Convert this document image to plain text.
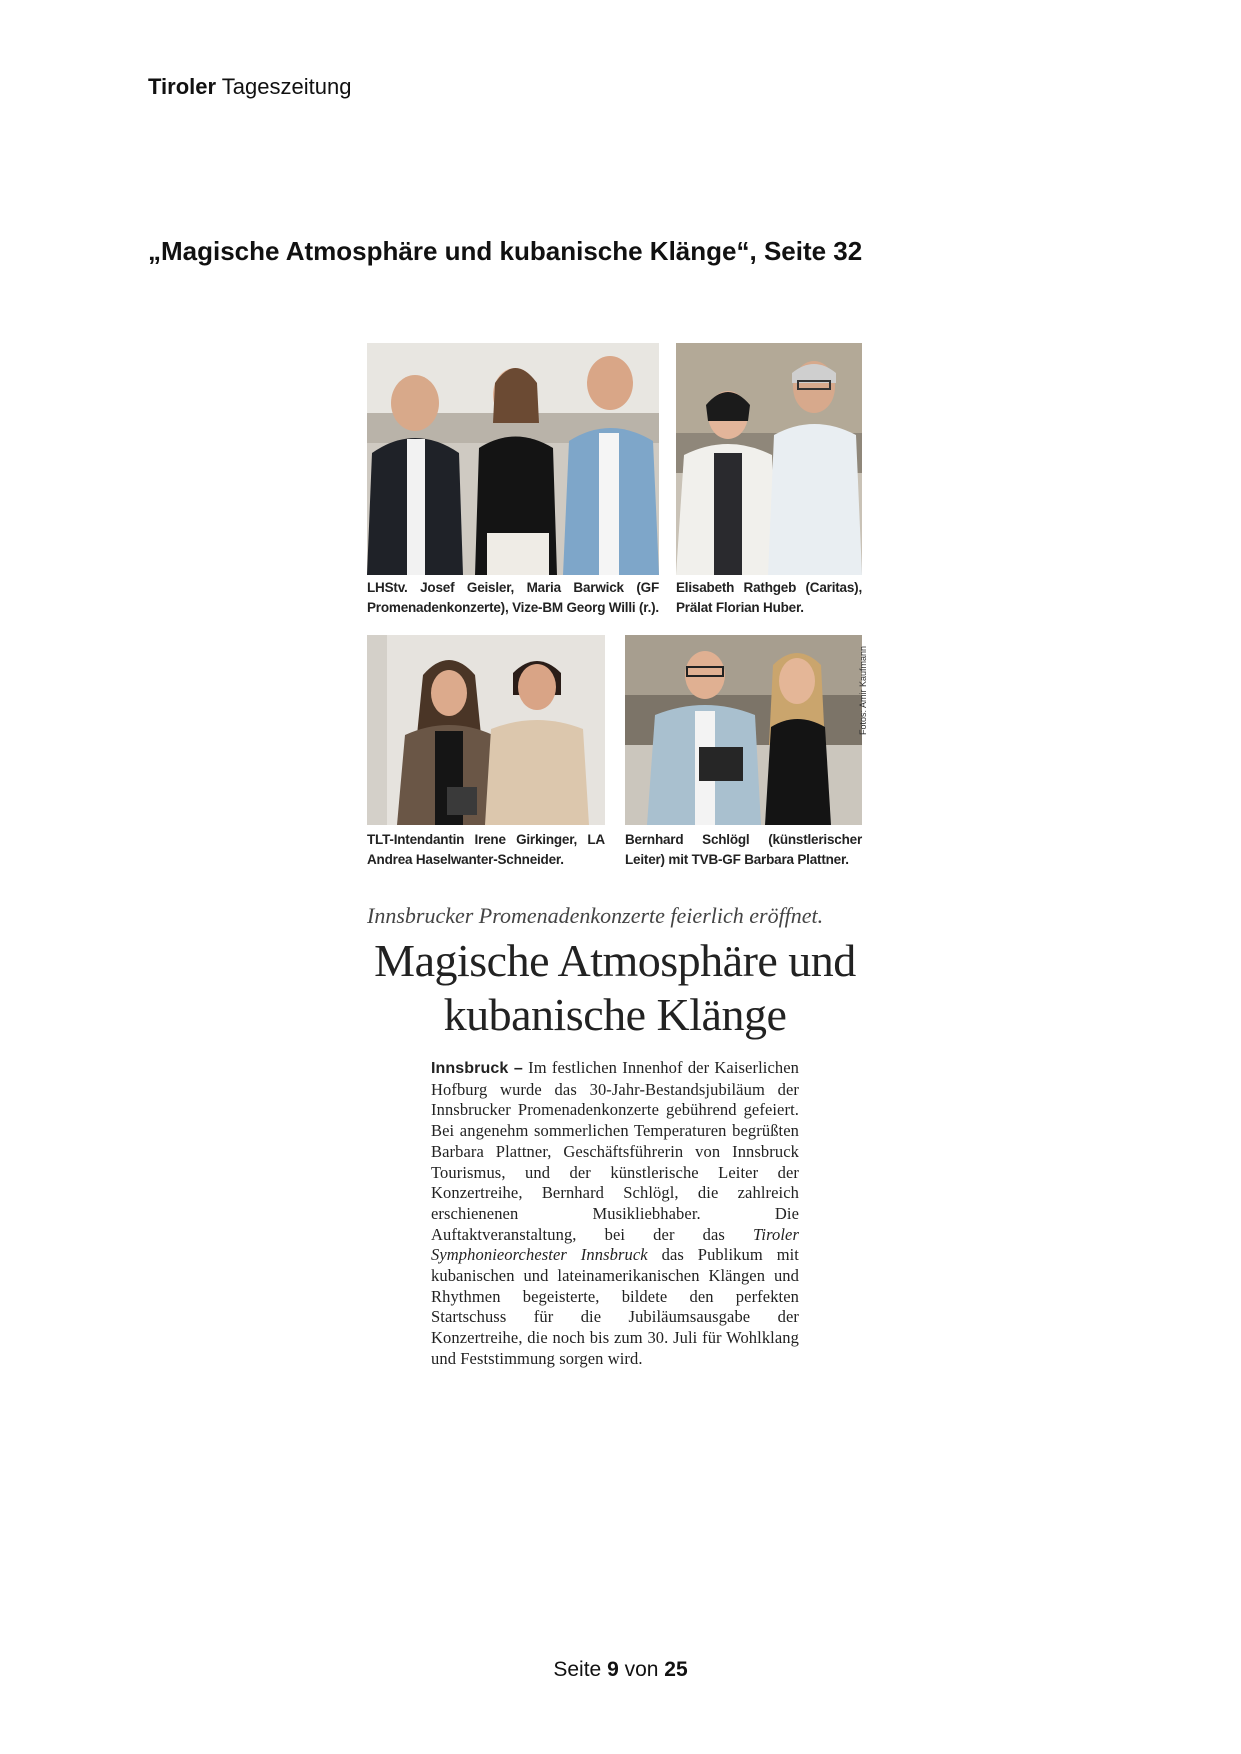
Tiroler Tageszeitung
„Magische Atmosphäre und kubanische Klänge“, Seite 32
LHStv. Josef Geisler, Maria Barwick (GF Promenadenkonzerte), Vize-BM Georg Willi (r.).
Elisabeth Rathgeb (Caritas), Prälat Florian Huber.
Fotos: Amir Kaufmann
TLT-Intendantin Irene Girkinger, LA Andrea Haselwanter-Schneider.
Bernhard Schlögl (künstlerischer Leiter) mit TVB-GF Barbara Plattner.
Innsbrucker Promenadenkonzerte feierlich eröffnet.
Magische Atmosphäre und
kubanische Klänge
Innsbruck – Im festlichen Innenhof der Kaiserlichen Hofburg wurde das 30-Jahr-Bestandsjubiläum der Innsbrucker Promenadenkonzerte gebührend gefeiert. Bei angenehm sommerlichen Temperaturen begrüßten Barbara Plattner, Geschäftsführerin von Innsbruck Tourismus, und der künstlerische Leiter der Konzertreihe, Bernhard Schlögl, die zahlreich erschienenen Musikliebhaber. Die Auftaktveranstaltung, bei der das Tiroler Symphonieorchester Innsbruck das Publikum mit kubanischen und lateinamerikanischen Klängen und Rhythmen begeisterte, bildete den perfekten Startschuss für die Jubiläumsausgabe der Konzertreihe, die noch bis zum 30. Juli für Wohlklang und Feststimmung sorgen wird.
Seite 9 von 25
